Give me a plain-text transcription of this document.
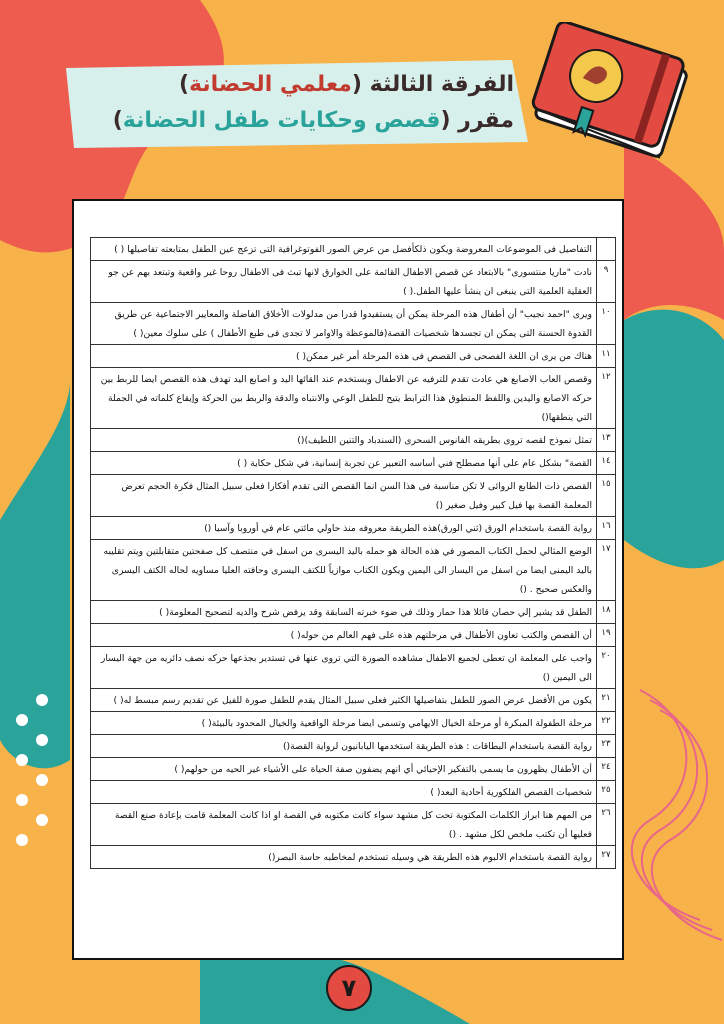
الفرقة الثالثة (معلمي الحضانة)
مقرر (قصص وحكايات طفل الحضانة)
	التفاصيل فى الموضوعات المعروضة ويكون ذلكأفضل من عرض الصور الفوتوغرافية التى تزعج عين الطفل بمتابعته تفاصيلها ( )
٩	نادت "ماريا منتسورى" بالابتعاد عن قصص الاطفال القائمة على الخوارق لانها تبث فى الاطفال روحا غير واقعية وتبتعد بهم عن جو العقلية العلمية التى ينبغى ان ينشأ عليها الطفل.( )
١٠	ويرى "احمد نجيب" أن أطفال هذه المرحلة يمكن أن يستفيدوا قدرا من مدلولات الأخلاق الفاضلة والمعايير الاجتماعية عن طريق القدوة الحسنة التى يمكن ان تجسدها شخصيات القصة(فالموعظة والاوامر لا تجدى فى طبع الأطفال ) على سلوك معين( )
١١	هناك من يرى ان اللغة الفصحى فى القصص فى هذه المرحلة أمر غير ممكن( )
١٢	وقصص العاب الاصابع هي عادت تقدم للترفيه عن الاطفال ويستخدم عند القائها اليد و اصابع اليد تهدف هذه القصص ايضا للربط بين حركه الاصابع واليدين واللفظ المنطوق هذا الترابط يتيح للطفل الوعي والانتباه والدقة والربط بين الحركة وإيقاع كلماته في الجملة التي ينطقها()
١٣	تمثل نموذج لقصه تروى بطريقه الفانوس السحرى (السندباد والتنين اللطيف)()
١٤	القصة" بشكل عام على أنها مصطلح فني أساسه التعبير عن تجربة إنسانية، في شكل حكاية ( )
١٥	القصص ذات الطابع الروائى لا تكن مناسبة فى هذا السن انما القصص التى تقدم أفكارا فعلى سبيل المثال فكرة الحجم تعرض المعلمة القصة بها فيل كبير وفيل صغير ()
١٦	رواية القصة باستخدام الورق (ثني الورق)هذه الطريقة معروفه منذ حاولي مائتي عام في أوروبا وآسيا ()
١٧	الوضع المثالي لحمل الكتاب المصور في هذه الحالة هو حمله باليد اليسرى من اسفل في منتصف كل صفحتين متقابلتين ويتم تقليبه باليد اليمنى ايضا من اسفل من اليسار الى اليمين ويكون الكتاب موازياً للكتف اليسرى وحافته العليا مساويه لحاله الكتف اليسرى والعكس صحيح . ()
١٨	الطفل قد يشير إلي حصان قائلا هذا حمار وذلك في ضوء خبرته السابقة وقد يرفض شرح والديه لتصحيح المعلومة( )
١٩	أن القصص والكتب تعاون الأطفال في مرحلتهم هذه على فهم العالم من حوله( )
٢٠	واجب على المعلمة ان تعطى لجميع الاطفال مشاهده الصورة التي تروى عنها في تستدير بجذعها حركه نصف دائريه من جهة اليسار الى اليمين ()
٢١	يكون من الأفضل عرض الصور للطفل بتفاصيلها الكثير فعلى سبيل المثال يقدم للطفل صورة للفيل عن تقديم رسم مبسط له( )
٢٢	مرحلة الطفولة المبكرة أو مرحلة الخيال الايهامي وتسمى ايضا مرحلة الواقعية والخيال المحدود بالبيئة( )
٢٣	رواية القصة باستخدام البطاقات : هذه الطريقة استخدمها اليابانيون لرواية القصة()
٢٤	أن الأطفال يظهرون ما يسمى بالتفكير الإحيائي أي انهم يضفون صفة الحياة على الأشياء غير الحيه من حولهم( )
٢٥	شخصيات القصص الفلكورية أحادية البعد( )
٢٦	من المهم هنا ابراز الكلمات المكتوبة تحت كل مشهد سواء كانت مكتوبه في القصة او اذا كانت المعلمة قامت بإعادة صنع القصة فعليها أن تكتب ملخص لكل مشهد . ()
٢٧	رواية القصة باستخدام الالبوم هذه الطريقة هي وسيله تستخدم لمخاطبه حاسة البصر()
٧
